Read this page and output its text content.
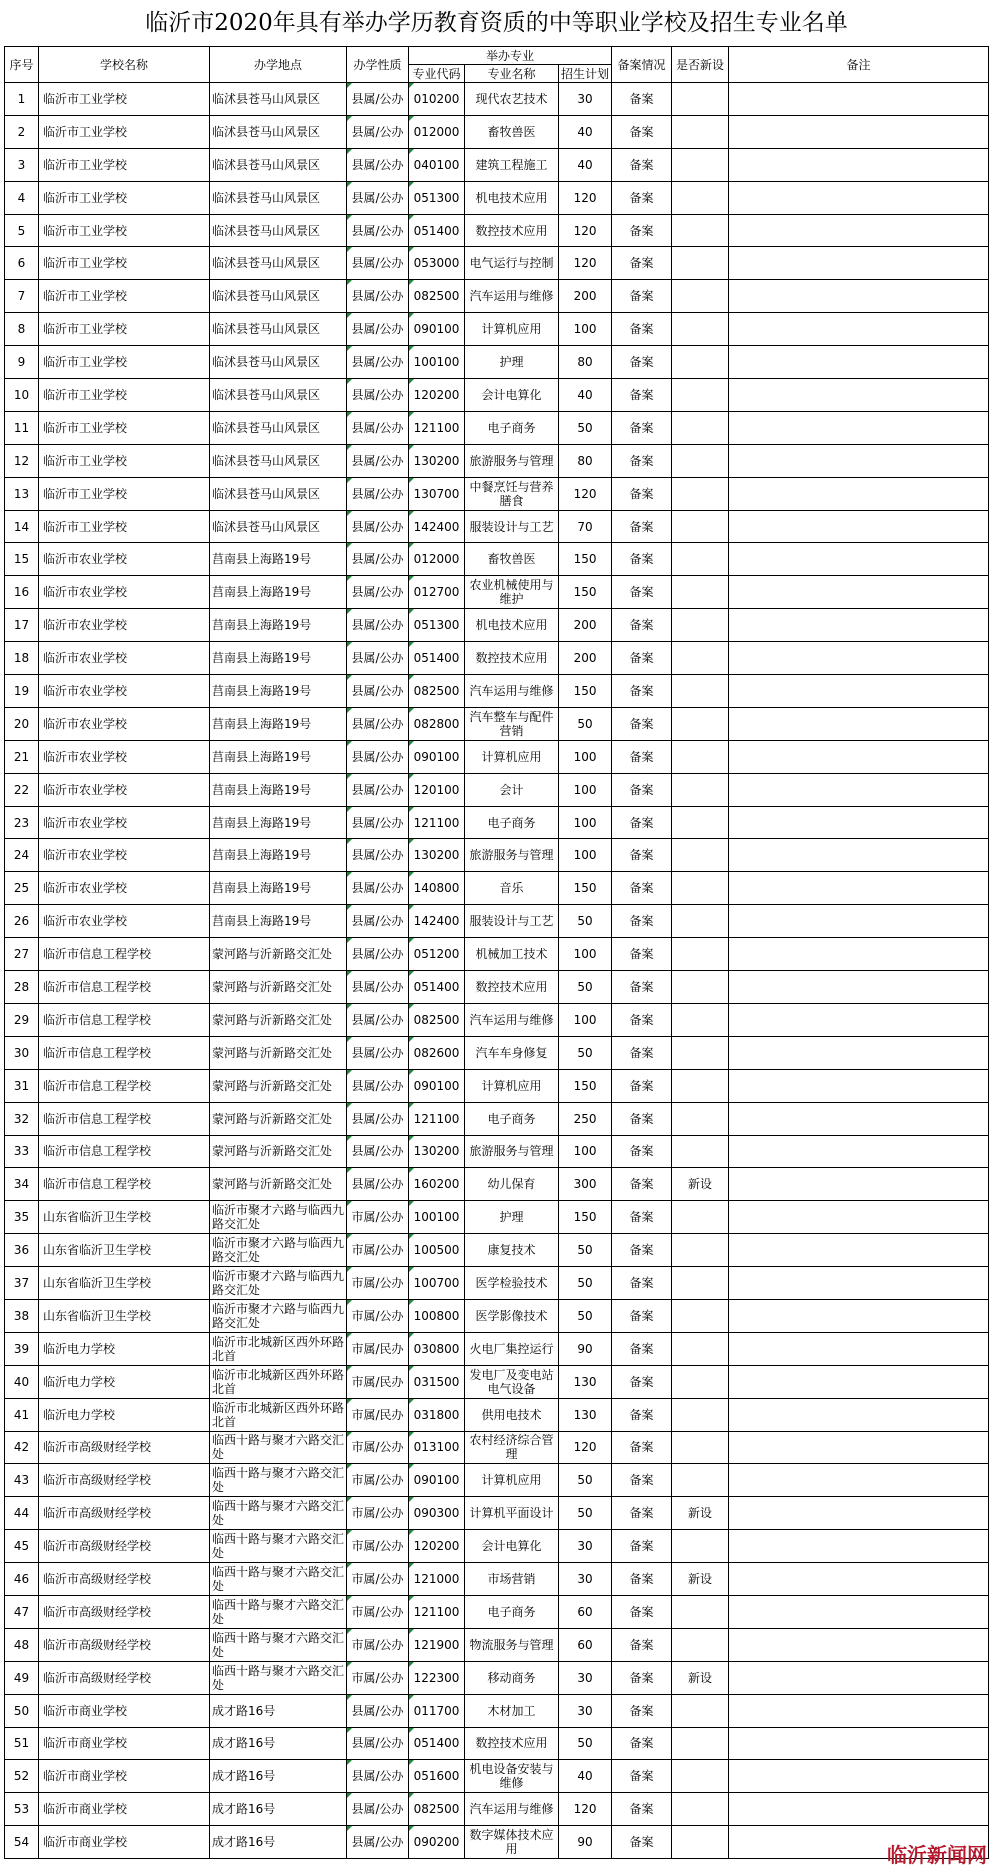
临沂市2020年具有举办学历教育资质的中等职业学校及招生专业名单
序号	学校名称	办学地点	办学性质	举办专业			备案情况	是否新设	备注
				专业代码	专业名称	招生计划			
1	临沂市工业学校	临沭县苍马山风景区	县属/公办	010200	现代农艺技术	30	备案		
2	临沂市工业学校	临沭县苍马山风景区	县属/公办	012000	畜牧兽医	40	备案		
3	临沂市工业学校	临沭县苍马山风景区	县属/公办	040100	建筑工程施工	40	备案		
4	临沂市工业学校	临沭县苍马山风景区	县属/公办	051300	机电技术应用	120	备案		
5	临沂市工业学校	临沭县苍马山风景区	县属/公办	051400	数控技术应用	120	备案		
6	临沂市工业学校	临沭县苍马山风景区	县属/公办	053000	电气运行与控制	120	备案		
7	临沂市工业学校	临沭县苍马山风景区	县属/公办	082500	汽车运用与维修	200	备案		
8	临沂市工业学校	临沭县苍马山风景区	县属/公办	090100	计算机应用	100	备案		
9	临沂市工业学校	临沭县苍马山风景区	县属/公办	100100	护理	80	备案		
10	临沂市工业学校	临沭县苍马山风景区	县属/公办	120200	会计电算化	40	备案		
11	临沂市工业学校	临沭县苍马山风景区	县属/公办	121100	电子商务	50	备案		
12	临沂市工业学校	临沭县苍马山风景区	县属/公办	130200	旅游服务与管理	80	备案		
13	临沂市工业学校	临沭县苍马山风景区	县属/公办	130700	中餐烹饪与营养膳食	120	备案		
14	临沂市工业学校	临沭县苍马山风景区	县属/公办	142400	服装设计与工艺	70	备案		
15	临沂市农业学校	莒南县上海路19号	县属/公办	012000	畜牧兽医	150	备案		
16	临沂市农业学校	莒南县上海路19号	县属/公办	012700	农业机械使用与维护	150	备案		
17	临沂市农业学校	莒南县上海路19号	县属/公办	051300	机电技术应用	200	备案		
18	临沂市农业学校	莒南县上海路19号	县属/公办	051400	数控技术应用	200	备案		
19	临沂市农业学校	莒南县上海路19号	县属/公办	082500	汽车运用与维修	150	备案		
20	临沂市农业学校	莒南县上海路19号	县属/公办	082800	汽车整车与配件营销	50	备案		
21	临沂市农业学校	莒南县上海路19号	县属/公办	090100	计算机应用	100	备案		
22	临沂市农业学校	莒南县上海路19号	县属/公办	120100	会计	100	备案		
23	临沂市农业学校	莒南县上海路19号	县属/公办	121100	电子商务	100	备案		
24	临沂市农业学校	莒南县上海路19号	县属/公办	130200	旅游服务与管理	100	备案		
25	临沂市农业学校	莒南县上海路19号	县属/公办	140800	音乐	150	备案		
26	临沂市农业学校	莒南县上海路19号	县属/公办	142400	服装设计与工艺	50	备案		
27	临沂市信息工程学校	蒙河路与沂新路交汇处	县属/公办	051200	机械加工技术	100	备案		
28	临沂市信息工程学校	蒙河路与沂新路交汇处	县属/公办	051400	数控技术应用	50	备案		
29	临沂市信息工程学校	蒙河路与沂新路交汇处	县属/公办	082500	汽车运用与维修	100	备案		
30	临沂市信息工程学校	蒙河路与沂新路交汇处	县属/公办	082600	汽车车身修复	50	备案		
31	临沂市信息工程学校	蒙河路与沂新路交汇处	县属/公办	090100	计算机应用	150	备案		
32	临沂市信息工程学校	蒙河路与沂新路交汇处	县属/公办	121100	电子商务	250	备案		
33	临沂市信息工程学校	蒙河路与沂新路交汇处	县属/公办	130200	旅游服务与管理	100	备案		
34	临沂市信息工程学校	蒙河路与沂新路交汇处	县属/公办	160200	幼儿保育	300	备案	新设	
35	山东省临沂卫生学校	临沂市聚才六路与临西九路交汇处	市属/公办	100100	护理	150	备案		
36	山东省临沂卫生学校	临沂市聚才六路与临西九路交汇处	市属/公办	100500	康复技术	50	备案		
37	山东省临沂卫生学校	临沂市聚才六路与临西九路交汇处	市属/公办	100700	医学检验技术	50	备案		
38	山东省临沂卫生学校	临沂市聚才六路与临西九路交汇处	市属/公办	100800	医学影像技术	50	备案		
39	临沂电力学校	临沂市北城新区西外环路北首	市属/民办	030800	火电厂集控运行	90	备案		
40	临沂电力学校	临沂市北城新区西外环路北首	市属/民办	031500	发电厂及变电站电气设备	130	备案		
41	临沂电力学校	临沂市北城新区西外环路北首	市属/民办	031800	供用电技术	130	备案		
42	临沂市高级财经学校	临西十路与聚才六路交汇处	市属/公办	013100	农村经济综合管理	120	备案		
43	临沂市高级财经学校	临西十路与聚才六路交汇处	市属/公办	090100	计算机应用	50	备案		
44	临沂市高级财经学校	临西十路与聚才六路交汇处	市属/公办	090300	计算机平面设计	50	备案	新设	
45	临沂市高级财经学校	临西十路与聚才六路交汇处	市属/公办	120200	会计电算化	30	备案		
46	临沂市高级财经学校	临西十路与聚才六路交汇处	市属/公办	121000	市场营销	30	备案	新设	
47	临沂市高级财经学校	临西十路与聚才六路交汇处	市属/公办	121100	电子商务	60	备案		
48	临沂市高级财经学校	临西十路与聚才六路交汇处	市属/公办	121900	物流服务与管理	60	备案		
49	临沂市高级财经学校	临西十路与聚才六路交汇处	市属/公办	122300	移动商务	30	备案	新设	
50	临沂市商业学校	成才路16号	县属/公办	011700	木材加工	30	备案		
51	临沂市商业学校	成才路16号	县属/公办	051400	数控技术应用	50	备案		
52	临沂市商业学校	成才路16号	县属/公办	051600	机电设备安装与维修	40	备案		
53	临沂市商业学校	成才路16号	县属/公办	082500	汽车运用与维修	120	备案		
54	临沂市商业学校	成才路16号	县属/公办	090200	数字媒体技术应用	90	备案		
临沂新闻网
